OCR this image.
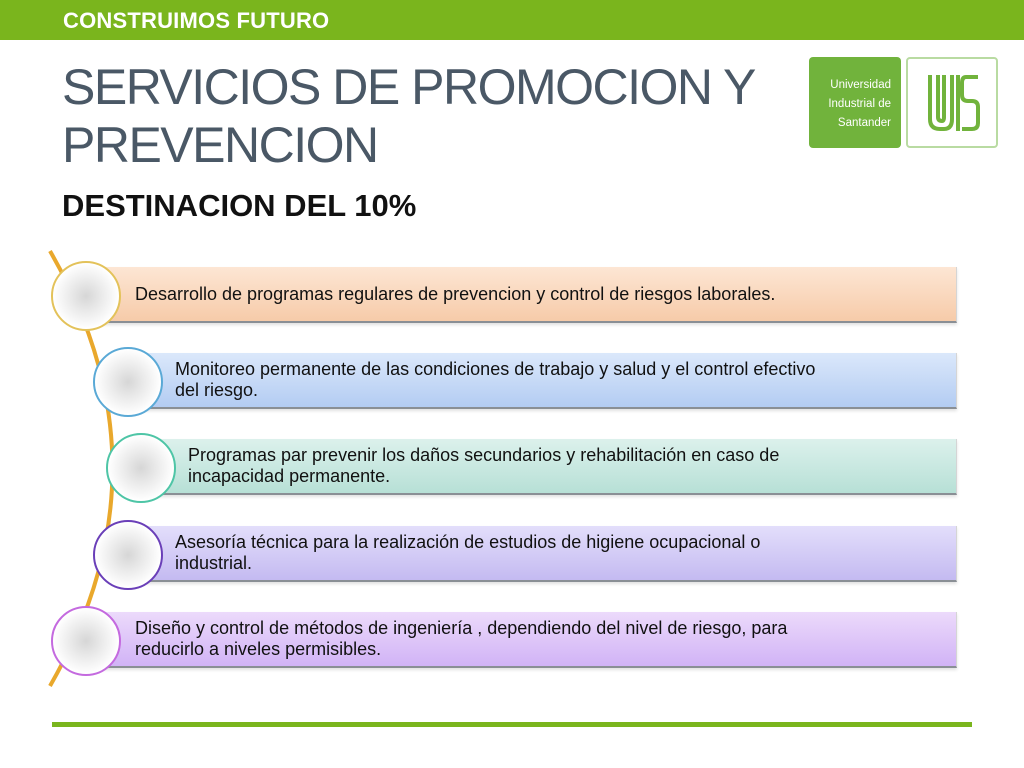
CONSTRUIMOS FUTURO
SERVICIOS DE PROMOCION Y
PREVENCION
DESTINACION DEL 10%
Universidad
Industrial de
Santander
Desarrollo de programas regulares de prevencion y control de riesgos laborales.
Monitoreo permanente de las condiciones de trabajo y salud y el control efectivo
del riesgo.
Programas par prevenir los daños secundarios y rehabilitación en caso de
incapacidad permanente.
Asesoría técnica para la realización de estudios de higiene ocupacional o
industrial.
Diseño y control de métodos de ingeniería , dependiendo del nivel de riesgo, para
reducirlo a niveles permisibles.
